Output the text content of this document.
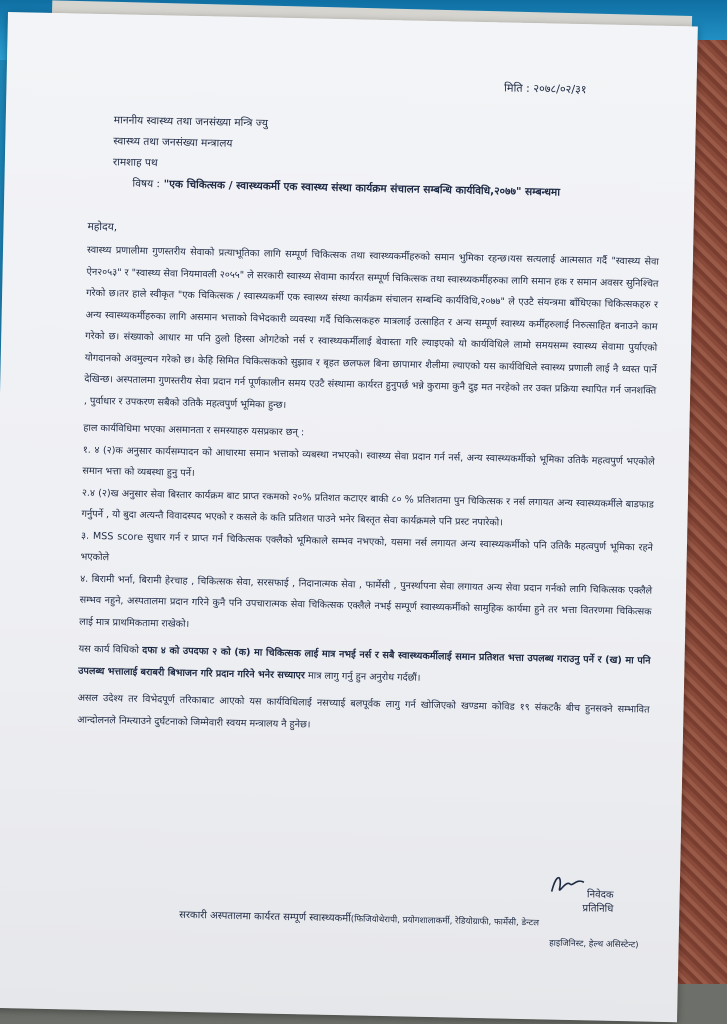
मिति : २०७८/०२/३१
माननीय स्वास्थ्य तथा जनसंख्या मन्त्रि ज्यु
स्वास्थ्य तथा जनसंख्या मन्त्रालय
रामशाह पथ
विषय : "एक चिकित्सक / स्वास्थ्यकर्मी एक स्वास्थ्य संस्था कार्यक्रम संचालन सम्बन्धि कार्यविधि,२०७७" सम्बन्धमा
महोदय,

स्वास्थ्य प्रणालीमा गुणस्तरीय सेवाको प्रत्याभूतिका लागि सम्पूर्ण चिकित्सक तथा स्वास्थ्यकर्मीहरुको समान भुमिका रहन्छ।यस सत्यलाई आत्मसात गर्दै "स्वास्थ्य सेवा ऐन२०५३" र "स्वास्थ्य सेवा नियमावली २०५५" ले सरकारी स्वास्थ्य सेवामा कार्यरत सम्पूर्ण चिकित्सक तथा स्वास्थ्यकर्मीहरुका लागि समान हक र समान अवसर सुनिश्चित गरेको छ।तर हाले स्वीकृत "एक चिकित्सक / स्वास्थ्यकर्मी एक स्वास्थ्य संस्था कार्यक्रम संचालन सम्बन्धि कार्यविधि,२०७७" ले एउटै संयन्त्रमा बाँधिएका चिकित्सकहरु र अन्य स्वास्थ्यकर्मीहरुका लागि असमान भत्ताको विभेदकारी व्यवस्था गर्दै चिकित्सकहरु मात्रलाई उत्साहित र अन्य सम्पूर्ण स्वास्थ्य कर्मीहरुलाई निरुत्साहित बनाउने काम गरेको छ। संख्याको आधार मा पनि ठुलो हिस्सा ओगटेको नर्स र स्वास्थ्यकर्मीलाई बेवास्ता गरि ल्याइएको यो कार्यविधिले लामो समयसम्म स्वास्थ्य सेवामा पुर्याएको योगदानको अवमुल्यन गरेको छ। केहि सिमित चिकित्सकको सुझाव र बृहत छलफल बिना छापामार शैलीमा ल्याएको यस कार्यविधिले स्वास्थ्य प्रणाली लाई नै ध्वस्त पार्ने देखिन्छ। अस्पतालमा गुणस्तरीय सेवा प्रदान गर्न पूर्णकालीन समय एउटै संस्थामा कार्यरत हुनुपर्छ भन्ने कुरामा कुनै दुइ मत नरहेको तर उक्त प्रक्रिया स्थापित गर्न जनशक्ति , पुर्वाधार र उपकरण सबैको उतिकै महत्वपुर्ण भूमिका हुन्छ।

हाल कार्यविधिमा भएका असमानता र समस्याहरु यसप्रकार छन् :

१. ४ (२)क अनुसार कार्यसम्पादन को आधारमा समान भत्ताको व्यबस्था नभएको। स्वास्थ्य सेवा प्रदान गर्न नर्स, अन्य स्वास्थ्यकर्मीको भूमिका उतिकै महत्वपुर्ण भएकोले समान भत्ता को व्यबस्था हुनु पर्ने।

२.४ (२)ख अनुसार सेवा बिस्तार कार्यक्रम बाट प्राप्त रकमको २०% प्रतिशत कटाएर बाकी ८० % प्रतिशतमा पुन चिकित्सक र नर्स लगायत अन्य स्वास्थ्यकर्मीले बाडफाड गर्नुपर्ने , यो बुदा अत्यन्तै विवादस्पद भएको र कसले के कति प्रतिशत पाउने भनेर बिस्तृत सेवा कार्यक्रमले पनि प्रस्ट नपारेको।

३. MSS score सुधार गर्न र प्राप्त गर्न चिकित्सक एक्लैको भूमिकाले सम्भव नभएको, यसमा नर्स लगायत अन्य स्वास्थ्यकर्मीको पनि उतिकै महत्वपुर्ण भूमिका रहने भएकोले

४. बिरामी भर्ना, बिरामी हेरचाह , चिकित्सक सेवा, सरसफाई , निदानात्मक सेवा , फार्मेसी , पुनर्स्थापना सेवा लगायत अन्य सेवा प्रदान गर्नको लागि चिकित्सक एक्लैले सम्भव नहुने, अस्पतालमा प्रदान गरिने कुनै पनि उपचारात्मक सेवा चिकित्सक एक्लैले नभई सम्पूर्ण स्वास्थ्यकर्मीको सामुहिक कार्यमा हुने तर भत्ता वितरणमा चिकित्सक लाई मात्र प्राथमिकतामा राखेको।

यस कार्य विधिको दफा ४ को उपदफा २ को (क) मा चिकित्सक लाई मात्र नभई नर्स र सबै स्वास्थ्यकर्मीलाई समान प्रतिशत भत्ता उपलब्ध गराउनु पर्ने र (ख) मा पनि उपलब्ध भत्तालाई बराबरी बिभाजन गरि प्रदान गरिने भनेर सच्याएर मात्र लागु गर्नु हुन अनुरोध गर्दछौं।

असल उदेश्य तर विभेदपूर्ण तरिकाबाट आएको यस कार्यविधिलाई नसच्याई बलपूर्वक लागु गर्न खोजिएको खण्डमा कोविड १९ संकटकै बीच हुनसक्ने सम्भावित आन्दोलनले निम्त्याउने दुर्घटनाको जिम्मेवारी स्वयम मन्त्रालय नै हुनेछ।

निवेदक
प्रतिनिधि
सरकारी अस्पतालमा कार्यरत सम्पूर्ण स्वास्थ्यकर्मी(फिजियोथेरापी, प्रयोगशालाकर्मी, रेडियोग्राफी, फार्मेसी, डेन्टल
हाइजिनिस्ट, हेल्थ असिस्टेन्ट)
